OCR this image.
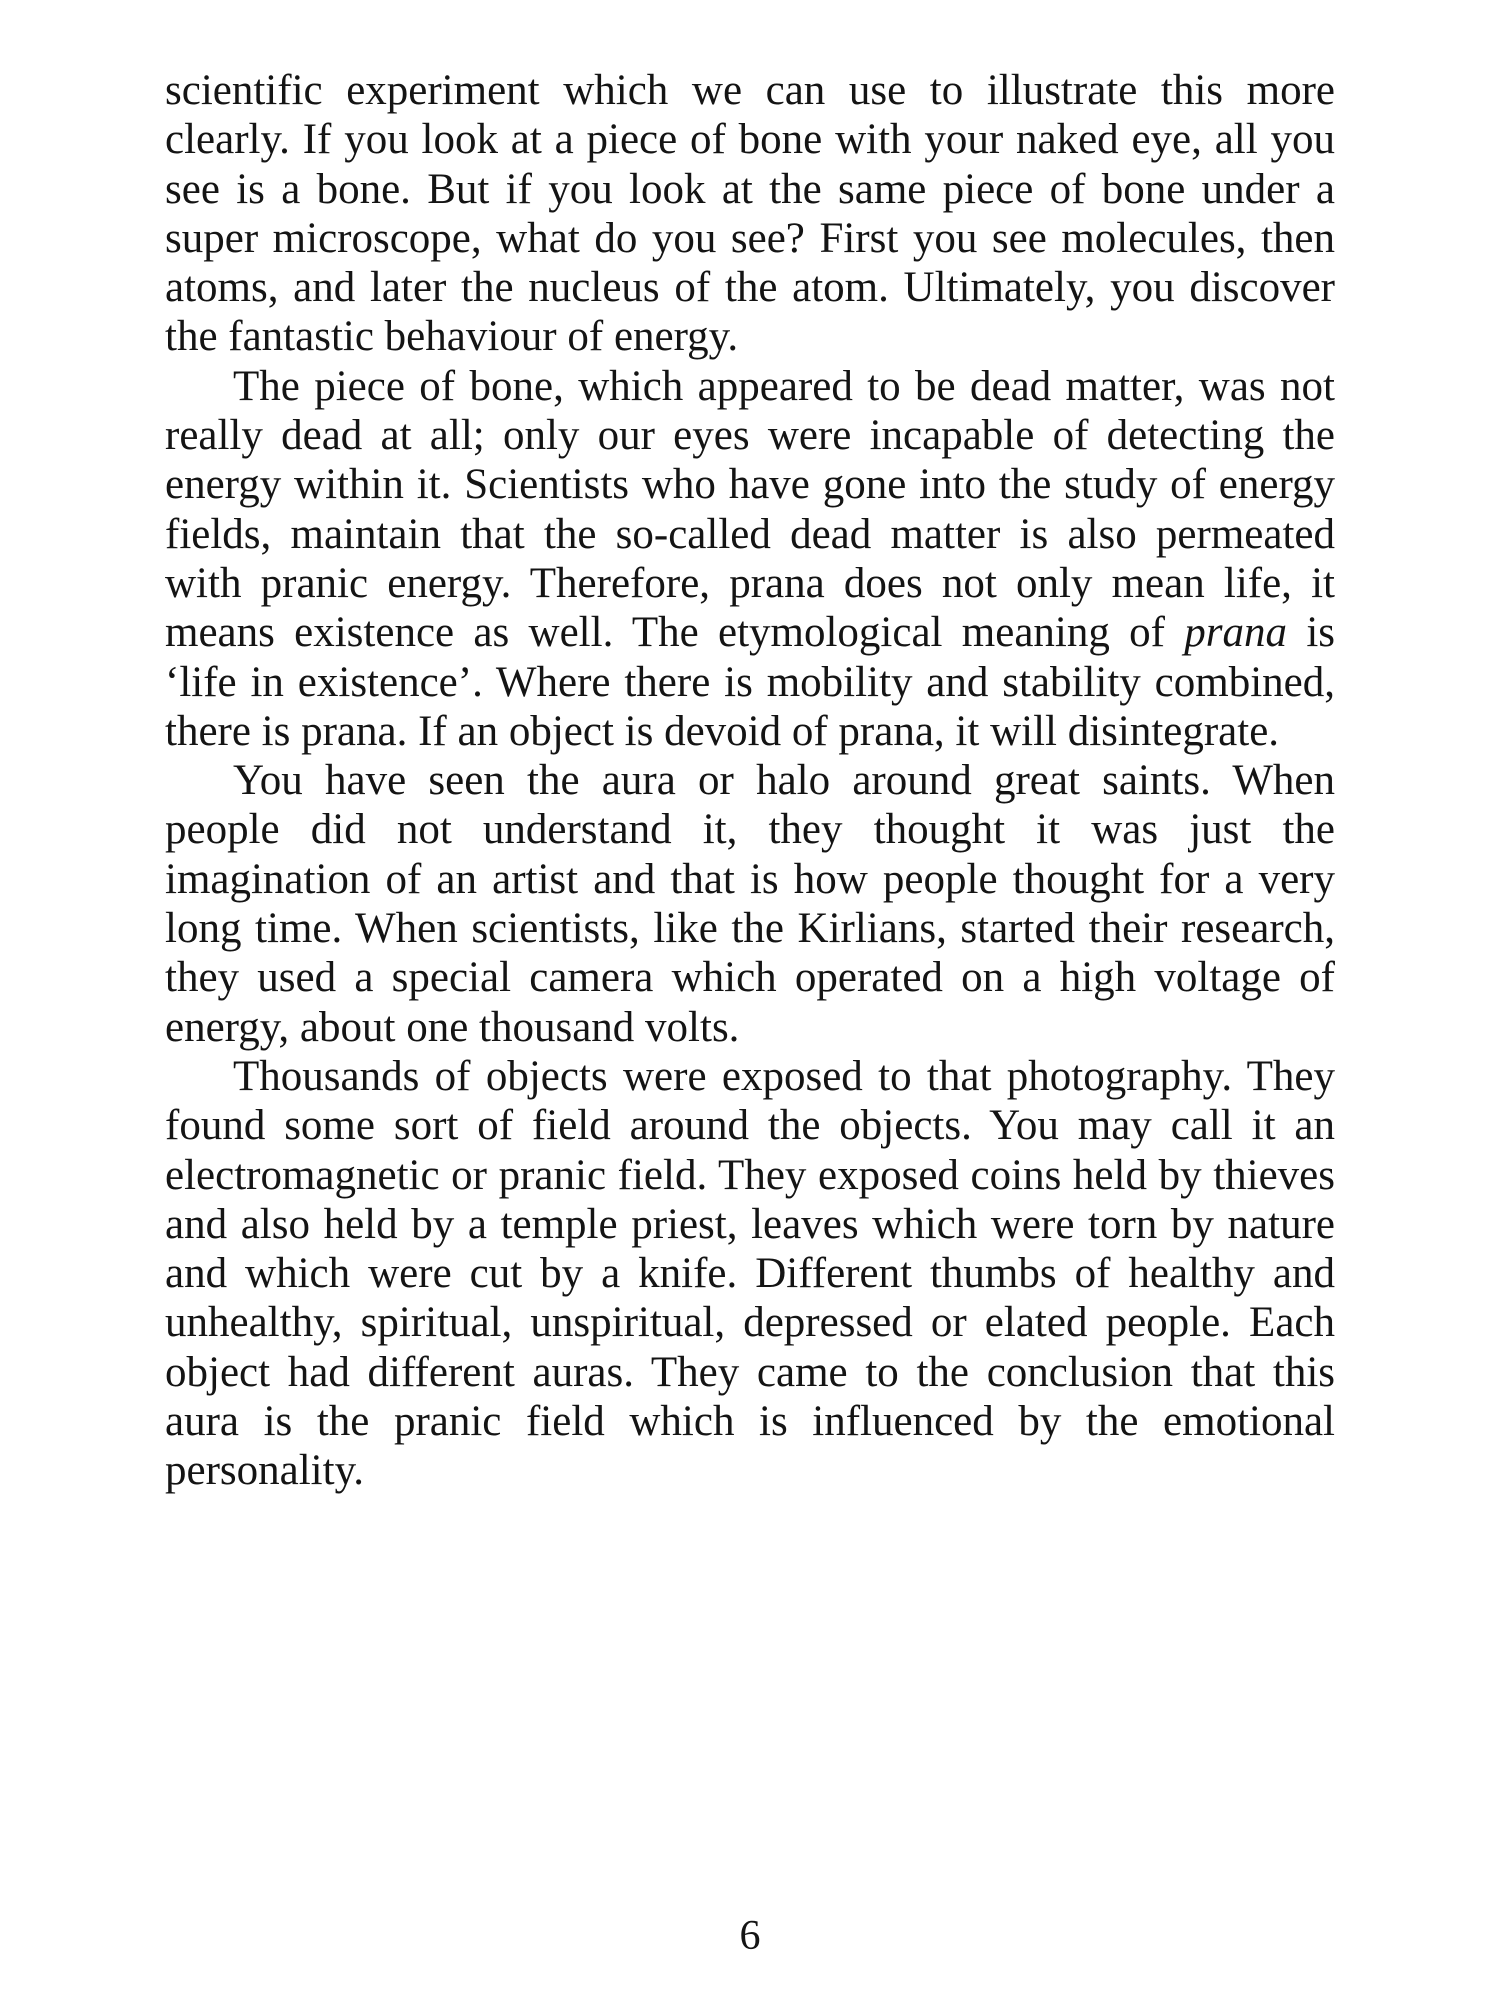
scientific experiment which we can use to illustrate this more clearly. If you look at a piece of bone with your naked eye, all you see is a bone. But if you look at the same piece of bone under a super microscope, what do you see? First you see molecules, then atoms, and later the nucleus of the atom. Ultimately, you discover the fantastic behaviour of energy.

The piece of bone, which appeared to be dead matter, was not really dead at all; only our eyes were incapable of detecting the energy within it. Scientists who have gone into the study of energy fields, maintain that the so-called dead matter is also permeated with pranic energy. Therefore, prana does not only mean life, it means existence as well. The etymological meaning of prana is ‘life in existence’. Where there is mobility and stability combined, there is prana. If an object is devoid of prana, it will disintegrate.

You have seen the aura or halo around great saints. When people did not understand it, they thought it was just the imagination of an artist and that is how people thought for a very long time. When scientists, like the Kirlians, started their research, they used a special camera which operated on a high voltage of energy, about one thousand volts.

Thousands of objects were exposed to that photography. They found some sort of field around the objects. You may call it an electromagnetic or pranic field. They exposed coins held by thieves and also held by a temple priest, leaves which were torn by nature and which were cut by a knife. Different thumbs of healthy and unhealthy, spiritual, unspiritual, depressed or elated people. Each object had different auras. They came to the conclusion that this aura is the pranic field which is influenced by the emotional personality.

6
